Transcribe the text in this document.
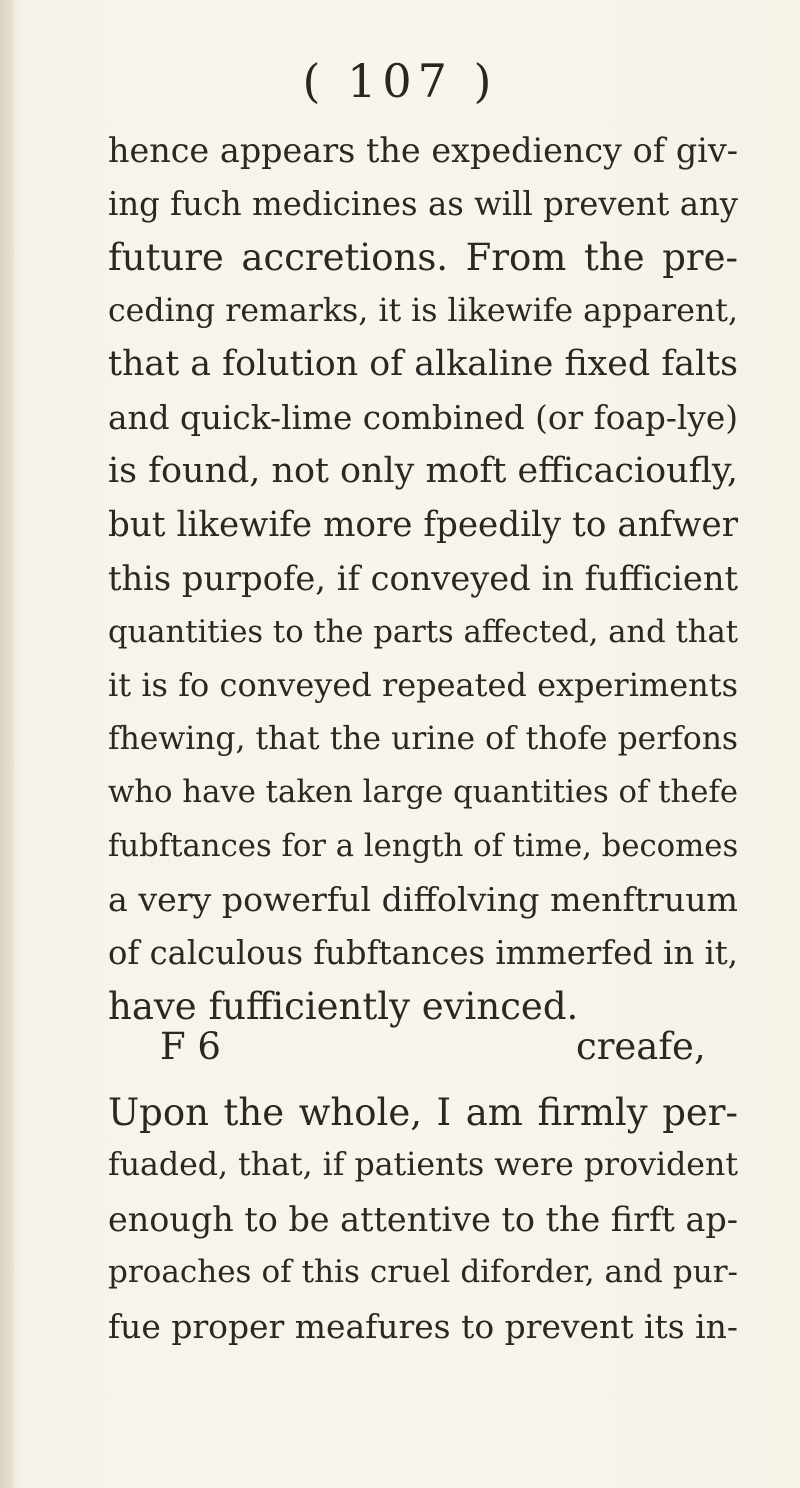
( 107 )
hence appears the expediency of giv-
ing fuch medicines as will prevent any
future accretions. From the pre-
ceding remarks, it is likewife apparent,
that a folution of alkaline fixed falts
and quick-lime combined (or foap-lye)
is found, not only moft efficacioufly,
but likewife more fpeedily to anfwer
this purpofe, if conveyed in fufficient
quantities to the parts affected, and that
it is fo conveyed repeated experiments
fhewing, that the urine of thofe perfons
who have taken large quantities of thefe
fubftances for a length of time, becomes
a very powerful diffolving menftruum
of calculous fubftances immerfed in it,
have fufficiently evinced.
Upon the whole, I am firmly per-
fuaded, that, if patients were provident
enough to be attentive to the firft ap-
proaches of this cruel diforder, and pur-
fue proper meafures to prevent its in-
F 6	creafe,
